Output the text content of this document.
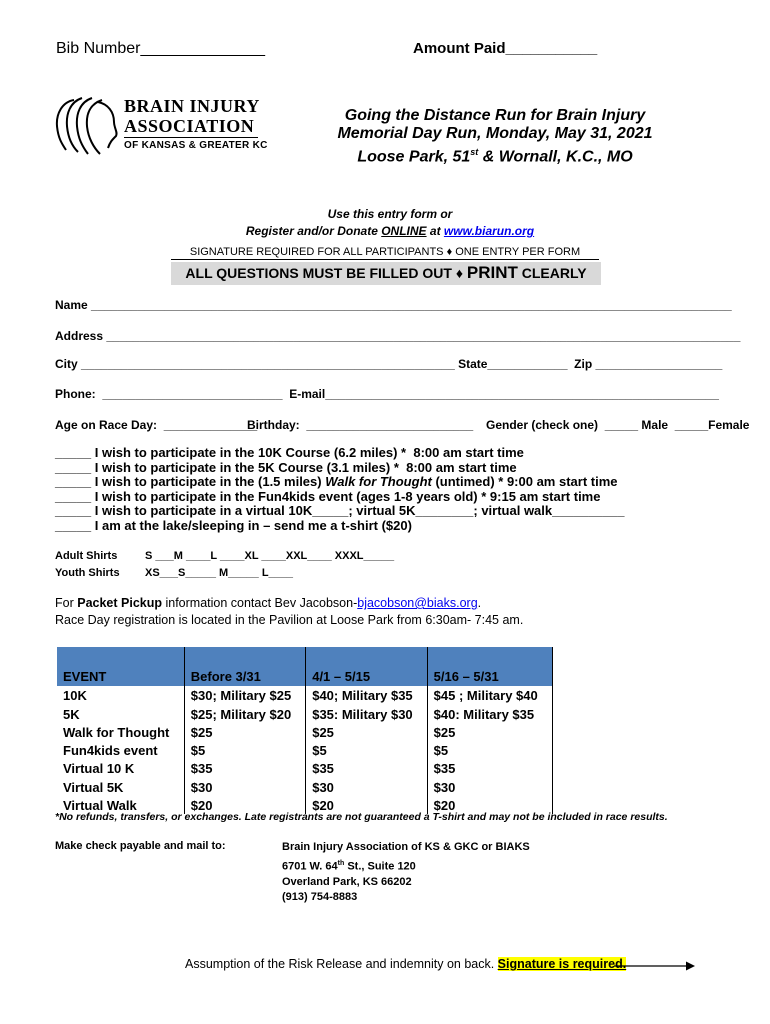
Bib Number______________	Amount Paid___________
BRAIN INJURY
ASSOCIATION
OF KANSAS & GREATER KC
Going the Distance Run for Brain Injury
Memorial Day Run, Monday, May 31, 2021
Loose Park, 51st & Wornall, K.C., MO
Use this entry form or
Register and/or Donate ONLINE at www.biarun.org
SIGNATURE REQUIRED FOR ALL PARTICIPANTS ♦ ONE ENTRY PER FORM
ALL QUESTIONS MUST BE FILLED OUT ♦ PRINT CLEARLY
Name ________________________________________________________________________________________________
Address _______________________________________________________________________________________________
City ________________________________________________________ State____________  Zip ___________________
Phone:  ___________________________  E-mail___________________________________________________________
Age on Race Day:  ______________
Birthday:  _________________________ Gender (check one)  _____ Male  _____Female
_____ I wish to participate in the 10K Course (6.2 miles) *  8:00 am start time
_____ I wish to participate in the 5K Course (3.1 miles) *  8:00 am start time
_____ I wish to participate in the (1.5 miles) Walk for Thought (untimed) * 9:00 am start time
_____ I wish to participate in the Fun4kids event (ages 1-8 years old) * 9:15 am start time
_____ I wish to participate in a virtual 10K_____; virtual 5K________; virtual walk__________
_____ I am at the lake/sleeping in – send me a t-shirt ($20)
Adult Shirts	S ___M ____L ____XL ____XXL____ XXXL_____
Youth Shirts XS___S_____ M_____ L____
For Packet Pickup information contact Bev Jacobson-bjacobson@biaks.org.
Race Day registration is located in the Pavilion at Loose Park from 6:30am- 7:45 am.
EVENT	Before 3/31	4/1 – 5/15	5/16 – 5/31
10K	$30; Military $25	$40; Military $35	$45 ; Military $40
5K	$25; Military $20	$35: Military $30	$40: Military $35
Walk for Thought	$25	$25	$25
Fun4kids event	$5	$5	$5
Virtual 10 K	$35	$35	$35
Virtual 5K	$30	$30	$30
Virtual Walk	$20	$20	$20
*No refunds, transfers, or exchanges. Late registrants are not guaranteed a T-shirt and may not be included in race results.
Make check payable and mail to:	Brain Injury Association of KS & GKC or BIAKS
6701 W. 64th St., Suite 120
Overland Park, KS 66202
(913) 754-8883
Assumption of the Risk Release and indemnity on back. Signature is required.
